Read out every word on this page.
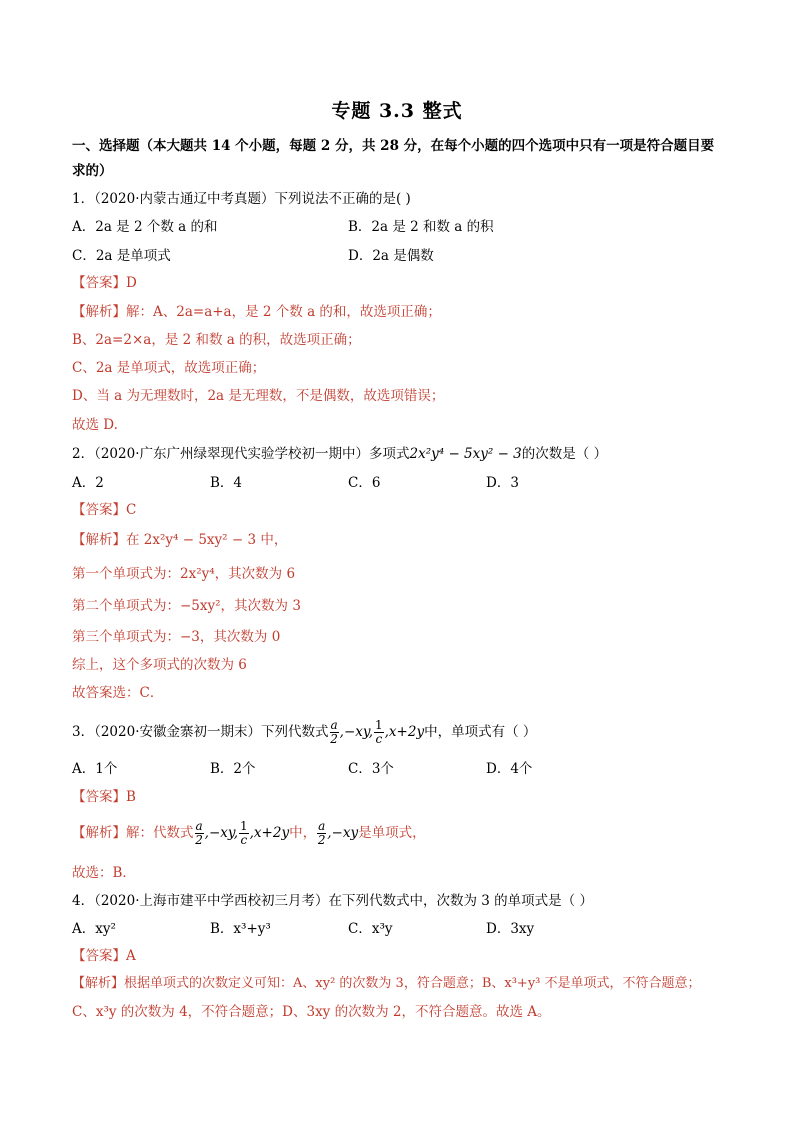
专题 3.3 整式
一、选择题（本大题共 14 个小题，每题 2 分，共 28 分，在每个小题的四个选项中只有一项是符合题目要
求的）
1．（2020·内蒙古通辽中考真题）下列说法不正确的是( )
A．2a 是 2 个数 a 的和	B．2a 是 2 和数 a 的积
C．2a 是单项式	D．2a 是偶数
【答案】D
【解析】解：A、2a=a+a，是 2 个数 a 的和，故选项正确；
B、2a=2×a，是 2 和数 a 的积，故选项正确；
C、2a 是单项式，故选项正确；
D、当 a 为无理数时，2a 是无理数，不是偶数，故选项错误；
故选 D.
2．（2020·广东广州绿翠现代实验学校初一期中）多项式2x²y⁴ − 5xy² − 3的次数是（ ）
A．2	B．4	C．6	D．3
【答案】C
【解析】在 2x²y⁴ − 5xy² − 3 中，
第一个单项式为：2x²y⁴，其次数为 6
第二个单项式为：−5xy²，其次数为 3
第三个单项式为：−3，其次数为 0
综上，这个多项式的次数为 6
故答案选：C．
3．（2020·安徽金寨初一期末）下列代数式 $\frac{a}{2} ,-xy$, $\frac{1}{c} ,x+2y$中，单项式有（ ）
A．1个	B．2个	C．3个	D．4个
【答案】B
【解析】解：代数式 $\frac{a}{2} ,-xy$, $\frac{1}{c} ,x+2y$中， $\frac{a}{2} ,-xy$是单项式，
故选：B．
4．（2020·上海市建平中学西校初三月考）在下列代数式中，次数为 3 的单项式是（ ）
A．xy²	B．x³+y³	C．x³y	D．3xy
【答案】A
【解析】根据单项式的次数定义可知：A、xy² 的次数为 3，符合题意；B、x³+y³ 不是单项式，不符合题意；
C、x³y 的次数为 4，不符合题意；D、3xy 的次数为 2，不符合题意。故选 A。
